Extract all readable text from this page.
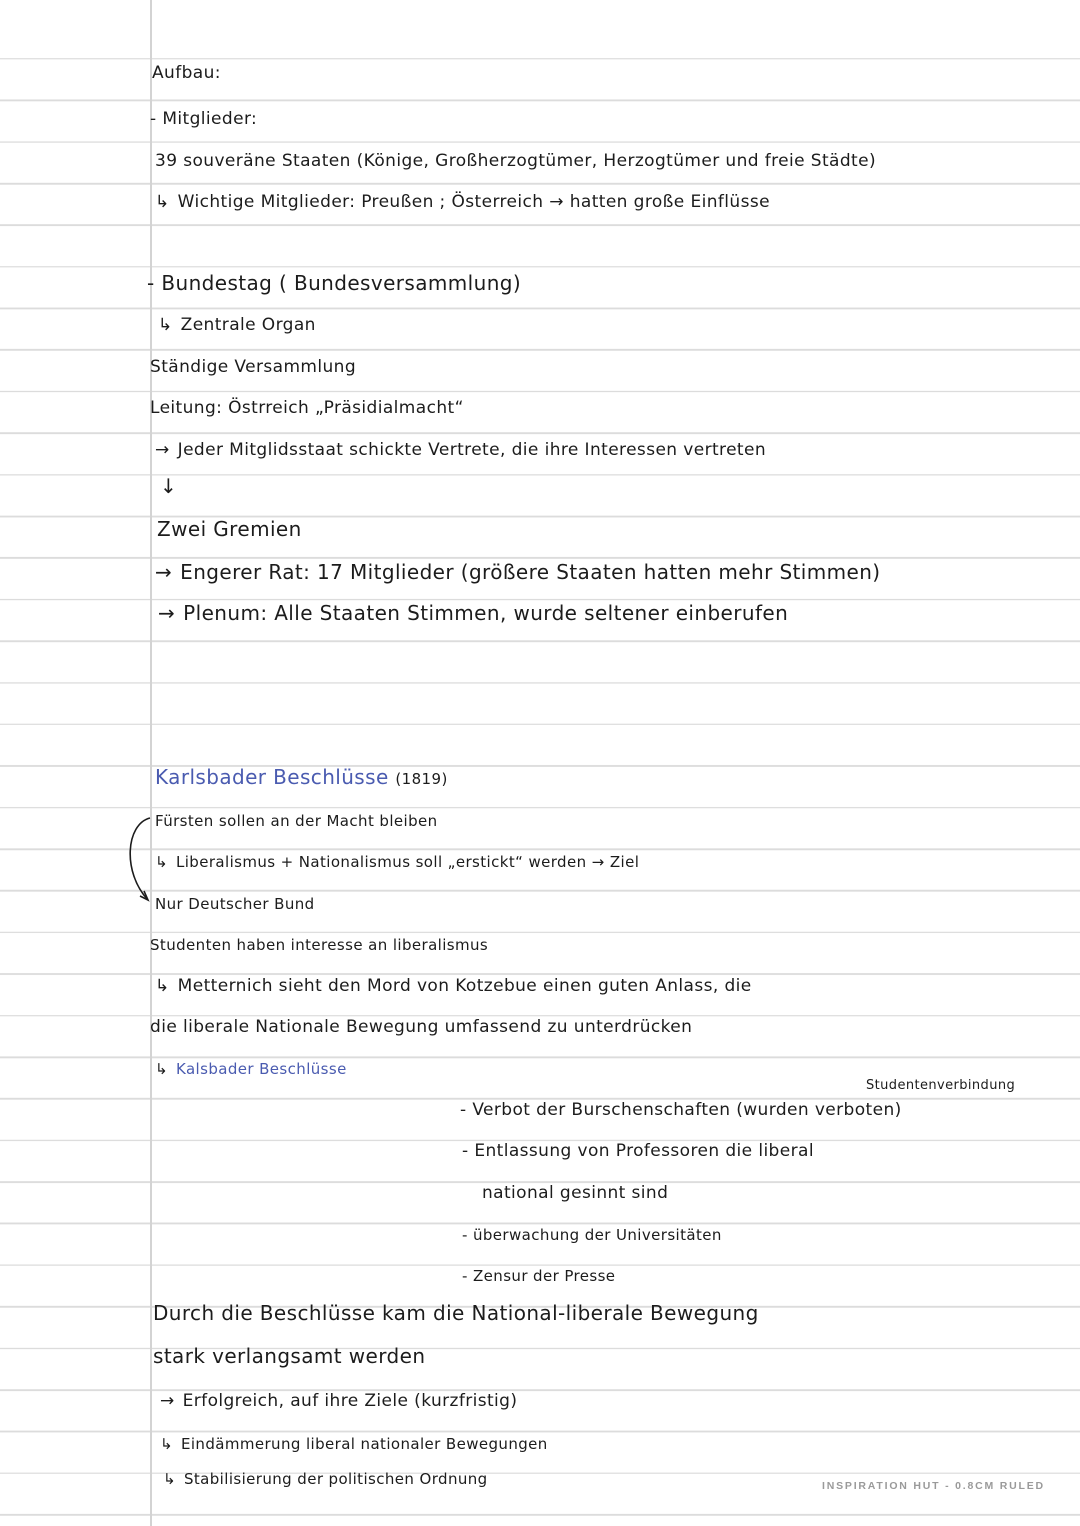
Aufbau:
- Mitglieder:
39 souveräne Staaten (Könige, Großherzogtümer, Herzogtümer und freie Städte)
↳ Wichtige Mitglieder: Preußen ; Österreich → hatten große Einflüsse
- Bundestag ( Bundesversammlung)
↳ Zentrale Organ
Ständige Versammlung
Leitung: Östrreich „Präsidialmacht“
→ Jeder Mitglidsstaat schickte Vertrete, die ihre Interessen vertreten
↓
Zwei Gremien
→ Engerer Rat: 17 Mitglieder (größere Staaten hatten mehr Stimmen)
→ Plenum: Alle Staaten Stimmen, wurde seltener einberufen
Karlsbader Beschlüsse (1819)
Fürsten sollen an der Macht bleiben
↳ Liberalismus + Nationalismus soll „erstickt“ werden → Ziel
Nur Deutscher Bund
Studenten haben interesse an liberalismus
↳ Metternich sieht den Mord von Kotzebue einen guten Anlass, die
die liberale Nationale Bewegung umfassend zu unterdrücken
↳ Kalsbader Beschlüsse
Studentenverbindung
- Verbot der Burschenschaften (wurden verboten)
- Entlassung von Professoren die liberal
national gesinnt sind
- überwachung der Universitäten
- Zensur der Presse
Durch die Beschlüsse kam die National-liberale Bewegung
stark verlangsamt werden
→ Erfolgreich, auf ihre Ziele (kurzfristig)
↳ Eindämmerung liberal nationaler Bewegungen
↳ Stabilisierung der politischen Ordnung	INSPIRATION HUT - 0.8CM RULED
